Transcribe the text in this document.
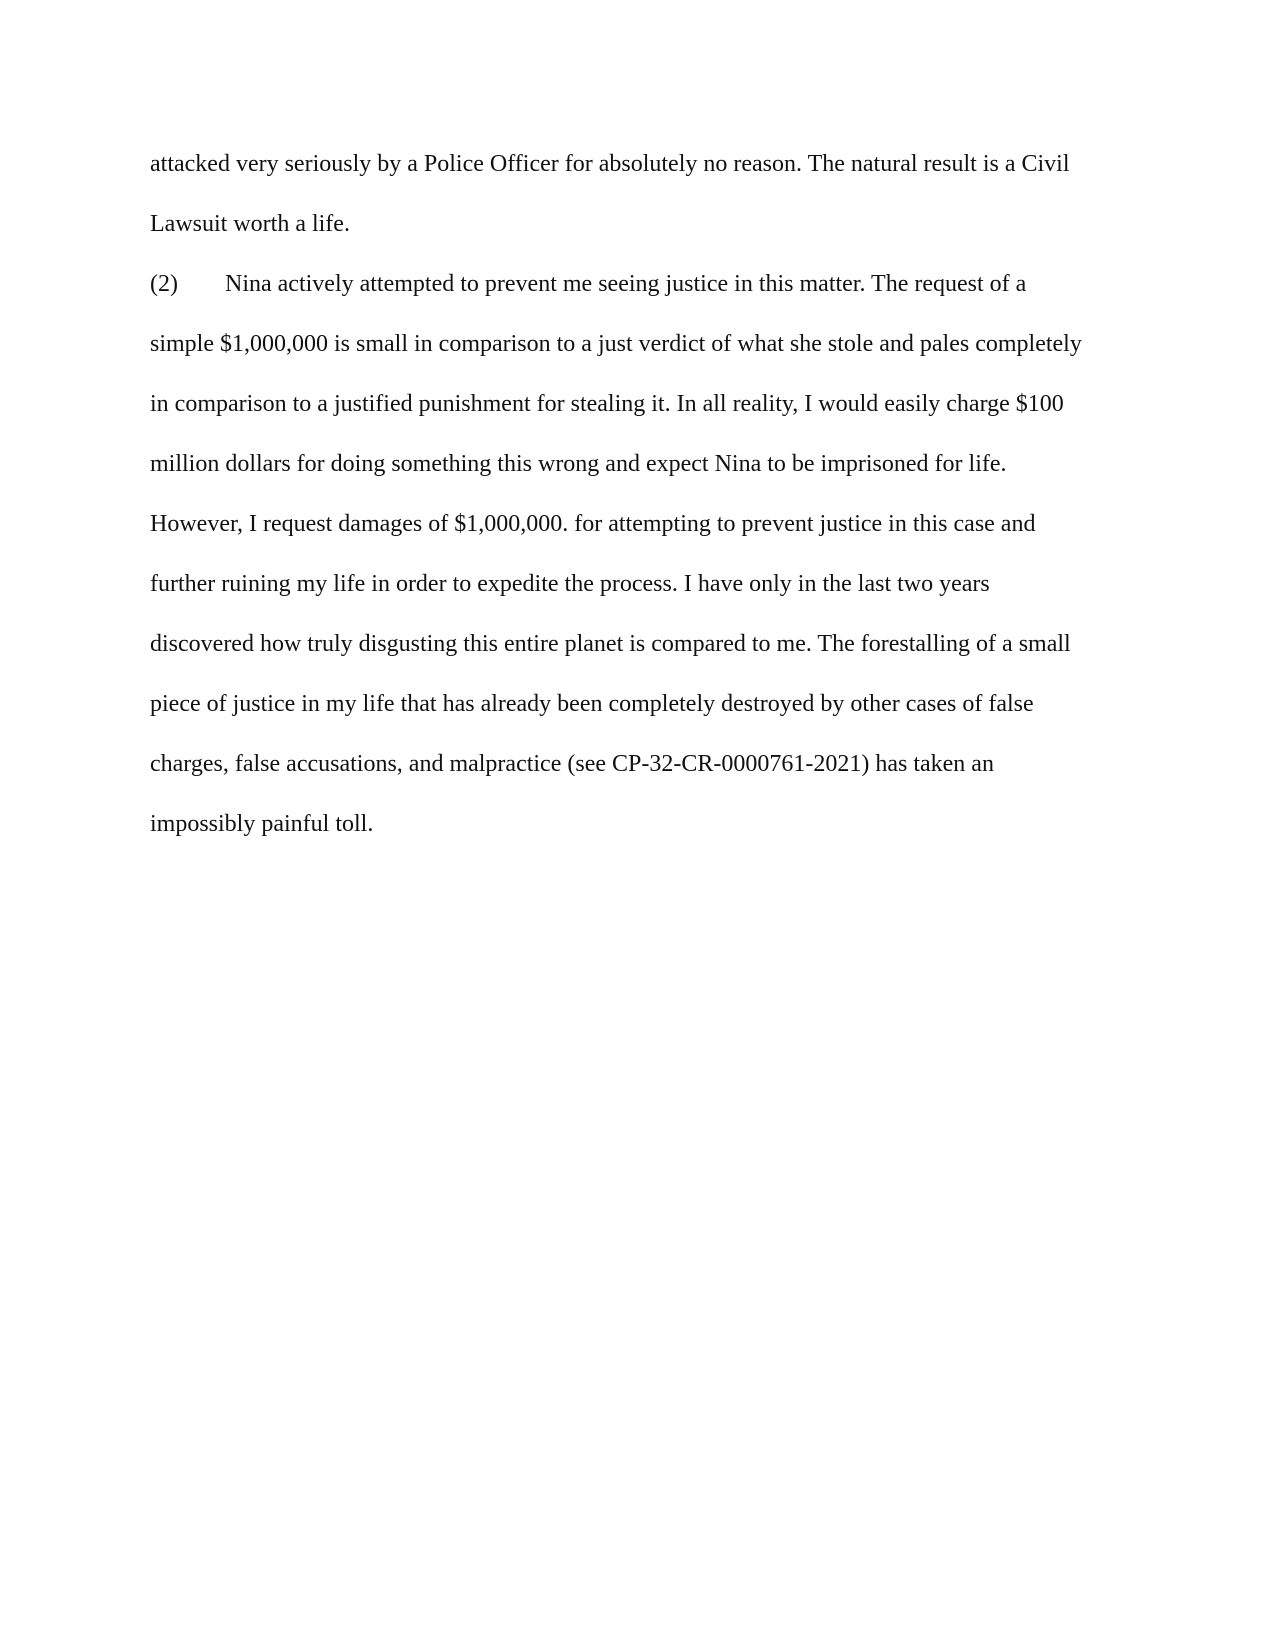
attacked very seriously by a Police Officer for absolutely no reason. The natural result is a Civil
Lawsuit worth a life.
(2) Nina actively attempted to prevent me seeing justice in this matter. The request of a
simple $1,000,000 is small in comparison to a just verdict of what she stole and pales completely
in comparison to a justified punishment for stealing it. In all reality, I would easily charge $100
million dollars for doing something this wrong and expect Nina to be imprisoned for life.
However, I request damages of $1,000,000. for attempting to prevent justice in this case and
further ruining my life in order to expedite the process. I have only in the last two years
discovered how truly disgusting this entire planet is compared to me. The forestalling of a small
piece of justice in my life that has already been completely destroyed by other cases of false
charges, false accusations, and malpractice (see CP-32-CR-0000761-2021) has taken an
impossibly painful toll.
